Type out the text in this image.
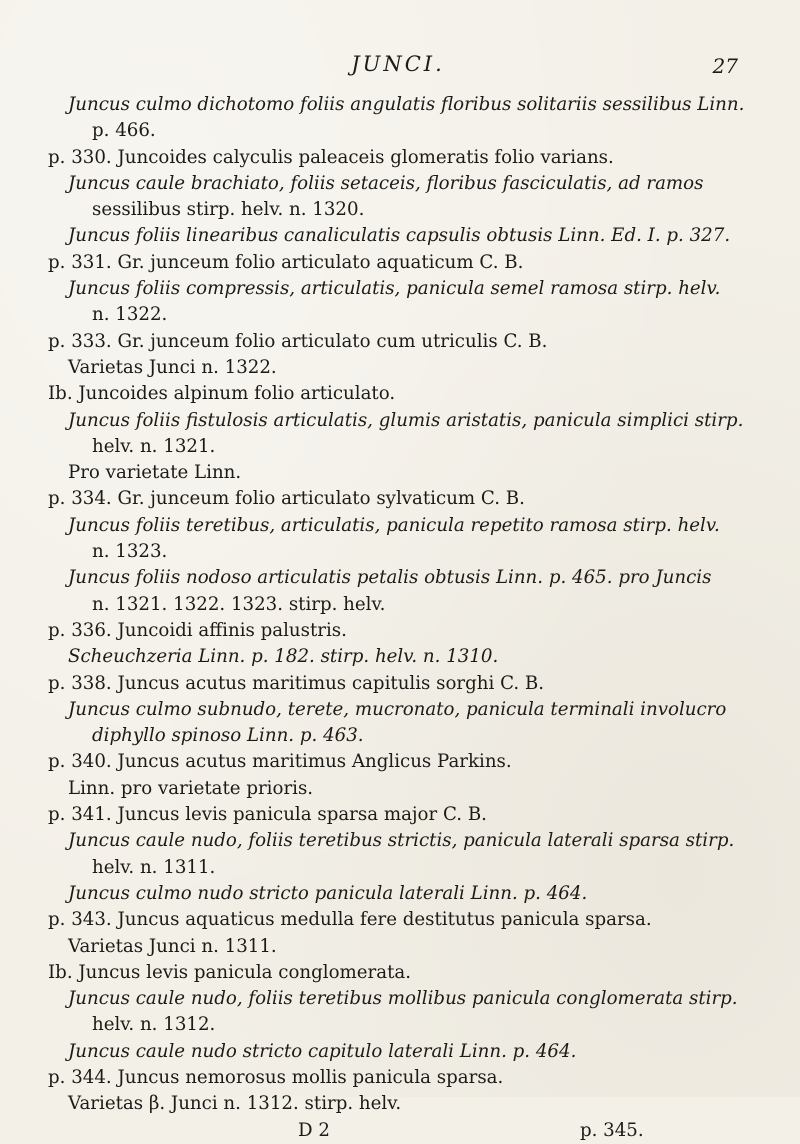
JUNCI.	27
Juncus culmo dichotomo foliis angulatis floribus solitariis sessilibus Linn.
p. 466.
p. 330. Juncoides calyculis paleaceis glomeratis folio varians.
Juncus caule brachiato, foliis setaceis, floribus fasciculatis, ad ramos
sessilibus stirp. helv. n. 1320.
Juncus foliis linearibus canaliculatis capsulis obtusis Linn. Ed. I. p. 327.
p. 331. Gr. junceum folio articulato aquaticum C. B.
Juncus foliis compressis, articulatis, panicula semel ramosa stirp. helv.
n. 1322.
p. 333. Gr. junceum folio articulato cum utriculis C. B.
Varietas Junci n. 1322.
Ib. Juncoides alpinum folio articulato.
Juncus foliis fistulosis articulatis, glumis aristatis, panicula simplici stirp.
helv. n. 1321.
Pro varietate Linn.
p. 334. Gr. junceum folio articulato sylvaticum C. B.
Juncus foliis teretibus, articulatis, panicula repetito ramosa stirp. helv.
n. 1323.
Juncus foliis nodoso articulatis petalis obtusis Linn. p. 465. pro Juncis
n. 1321. 1322. 1323. stirp. helv.
p. 336. Juncoidi affinis palustris.
Scheuchzeria Linn. p. 182. stirp. helv. n. 1310.
p. 338. Juncus acutus maritimus capitulis sorghi C. B.
Juncus culmo subnudo, terete, mucronato, panicula terminali involucro
diphyllo spinoso Linn. p. 463.
p. 340. Juncus acutus maritimus Anglicus Parkins.
Linn. pro varietate prioris.
p. 341. Juncus levis panicula sparsa major C. B.
Juncus caule nudo, foliis teretibus strictis, panicula laterali sparsa stirp.
helv. n. 1311.
Juncus culmo nudo stricto panicula laterali Linn. p. 464.
p. 343. Juncus aquaticus medulla fere destitutus panicula sparsa.
Varietas Junci n. 1311.
Ib. Juncus levis panicula conglomerata.
Juncus caule nudo, foliis teretibus mollibus panicula conglomerata stirp.
helv. n. 1312.
Juncus caule nudo stricto capitulo laterali Linn. p. 464.
p. 344. Juncus nemorosus mollis panicula sparsa.
Varietas β. Junci n. 1312. stirp. helv.
D 2	p. 345.
